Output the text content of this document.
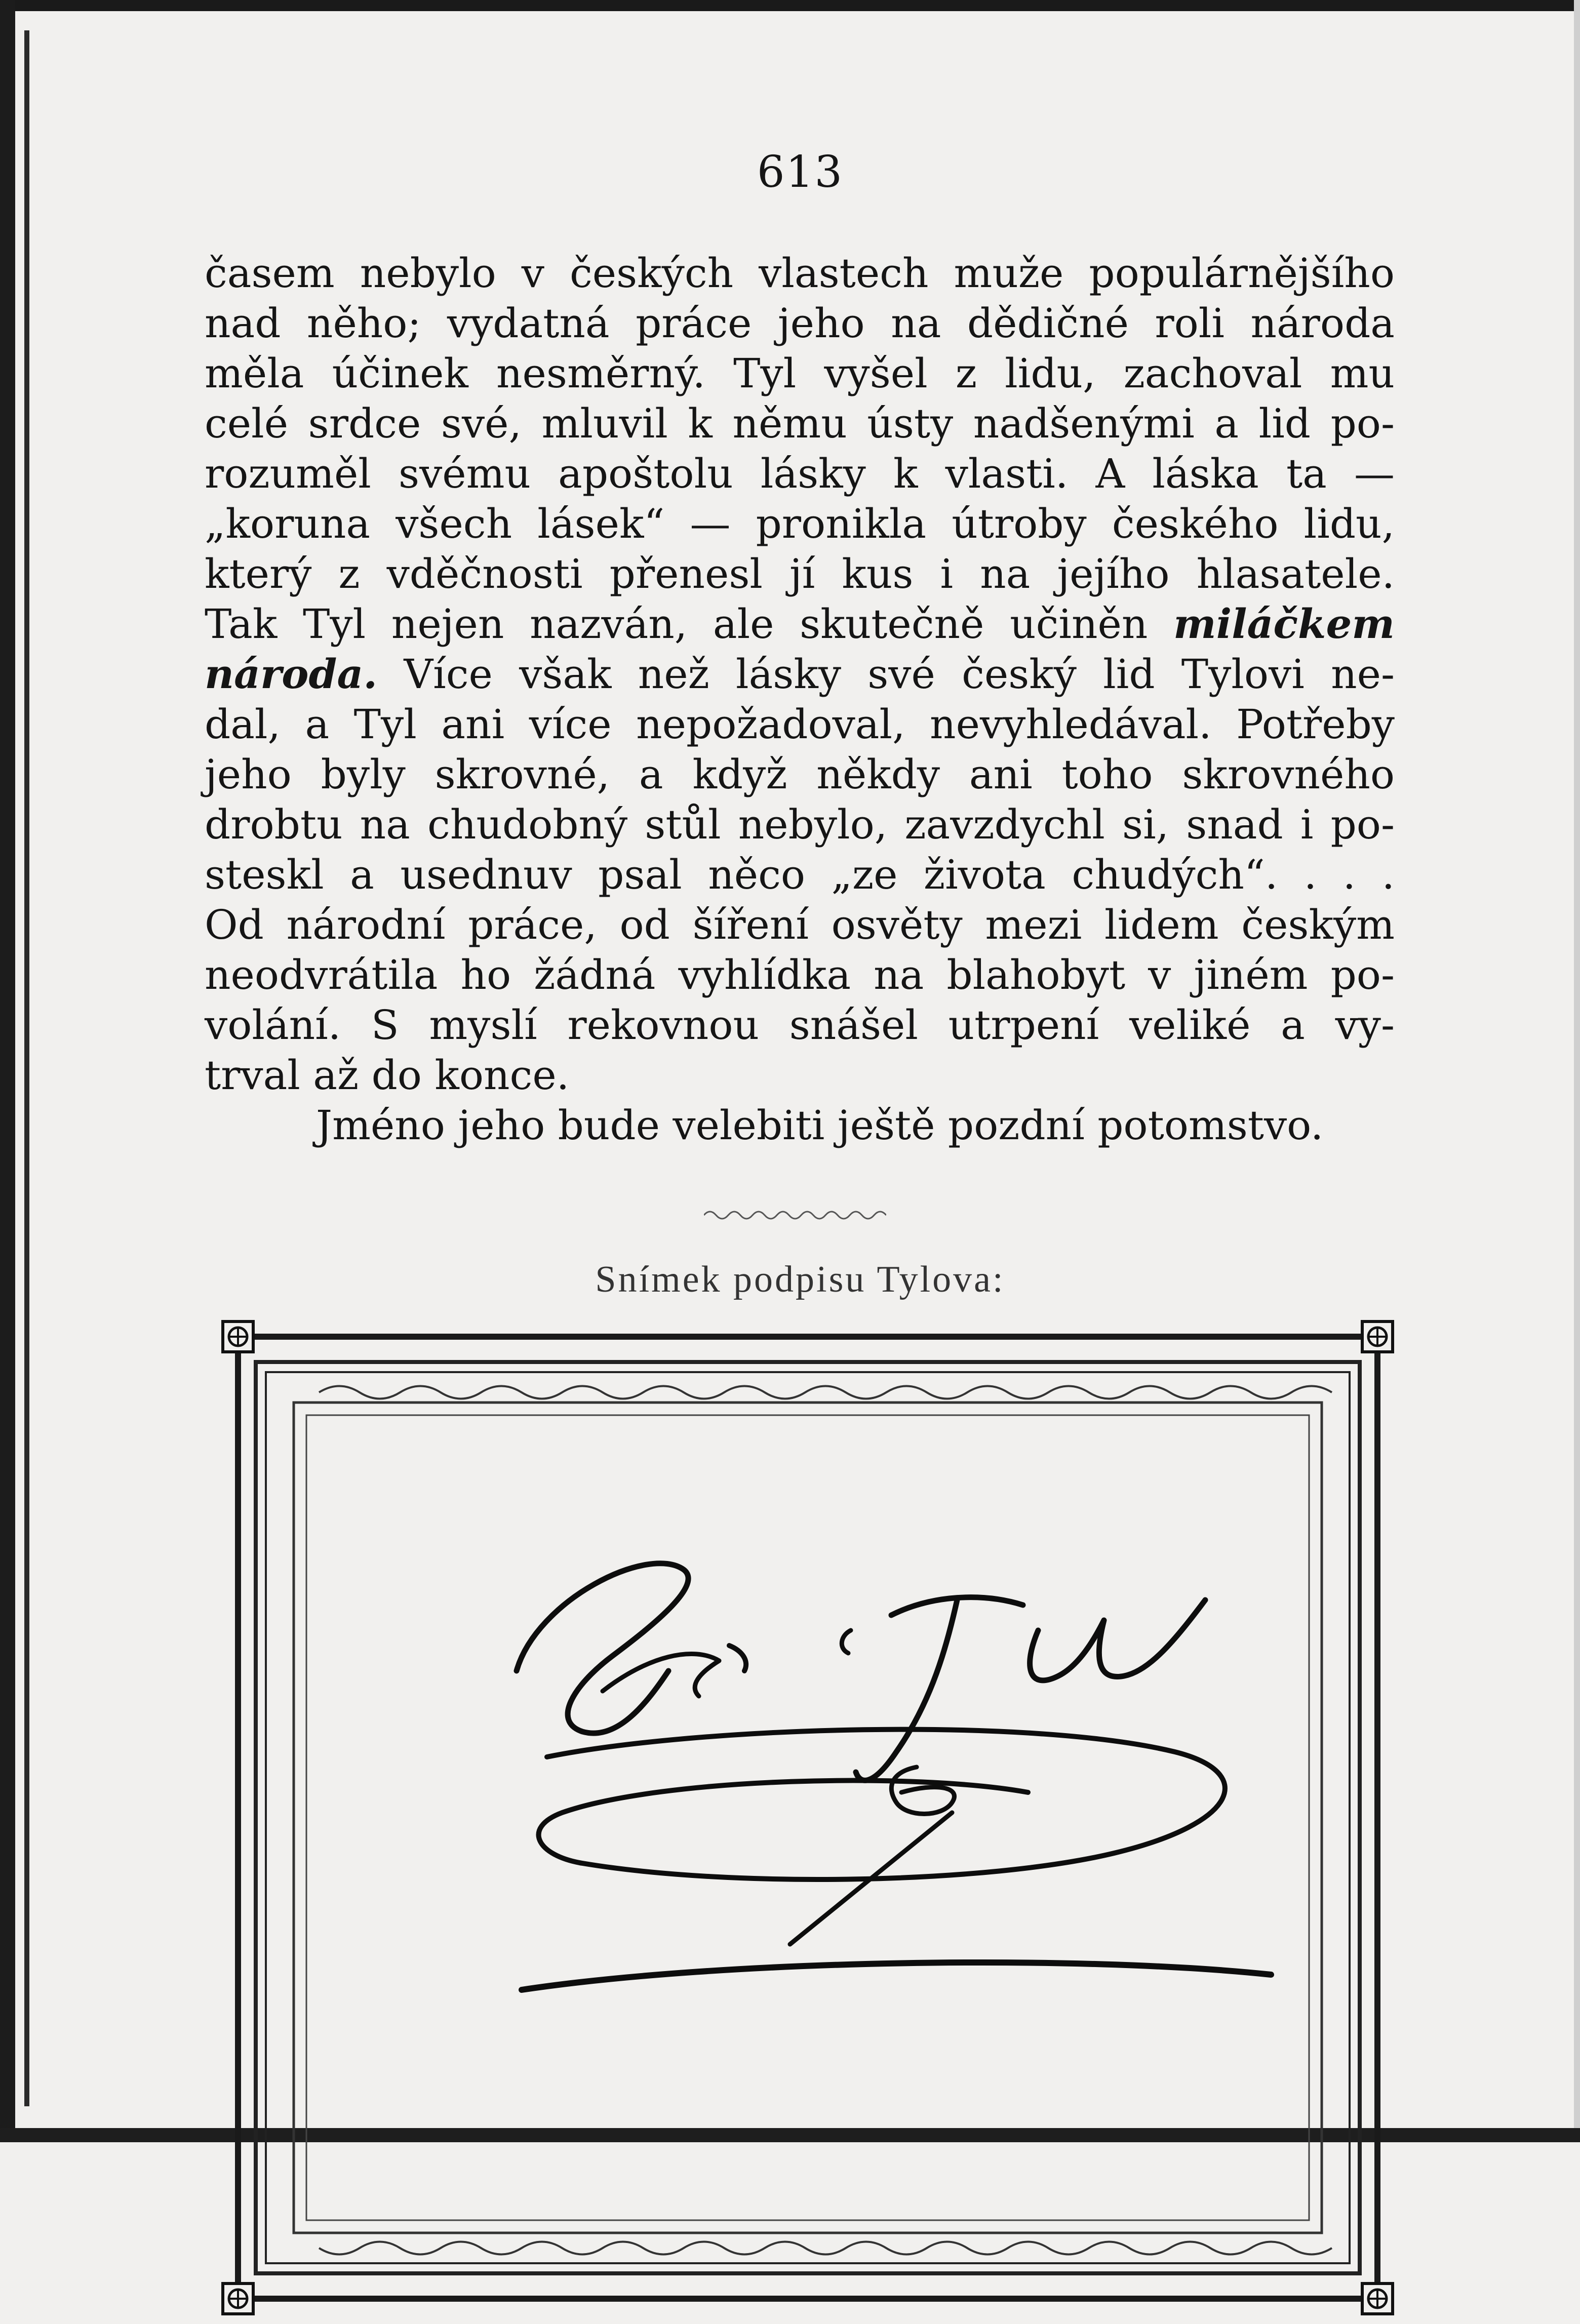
613
časem nebylo v českých vlastech muže populárnějšího
nad něho; vydatná práce jeho na dědičné roli národa
měla účinek nesměrný. Tyl vyšel z lidu, zachoval mu
celé srdce své, mluvil k němu ústy nadšenými a lid po-
rozuměl svému apoštolu lásky k vlasti. A láska ta —
„koruna všech lásek“ — pronikla útroby českého lidu,
který z vděčnosti přenesl jí kus i na jejího hlasatele.
Tak Tyl nejen nazván, ale skutečně učiněn miláčkem
národa. Více však než lásky své český lid Tylovi ne-
dal, a Tyl ani více nepožadoval, nevyhledával. Potřeby
jeho byly skrovné, a když někdy ani toho skrovného
drobtu na chudobný stůl nebylo, zavzdychl si, snad i po-
steskl a usednuv psal něco „ze života chudých“. . . .
Od národní práce, od šíření osvěty mezi lidem českým
neodvrátila ho žádná vyhlídka na blahobyt v jiném po-
volání. S myslí rekovnou snášel utrpení veliké a vy-
trval až do konce.
Jméno jeho bude velebiti ještě pozdní potomstvo.
Snímek podpisu Tylova:
